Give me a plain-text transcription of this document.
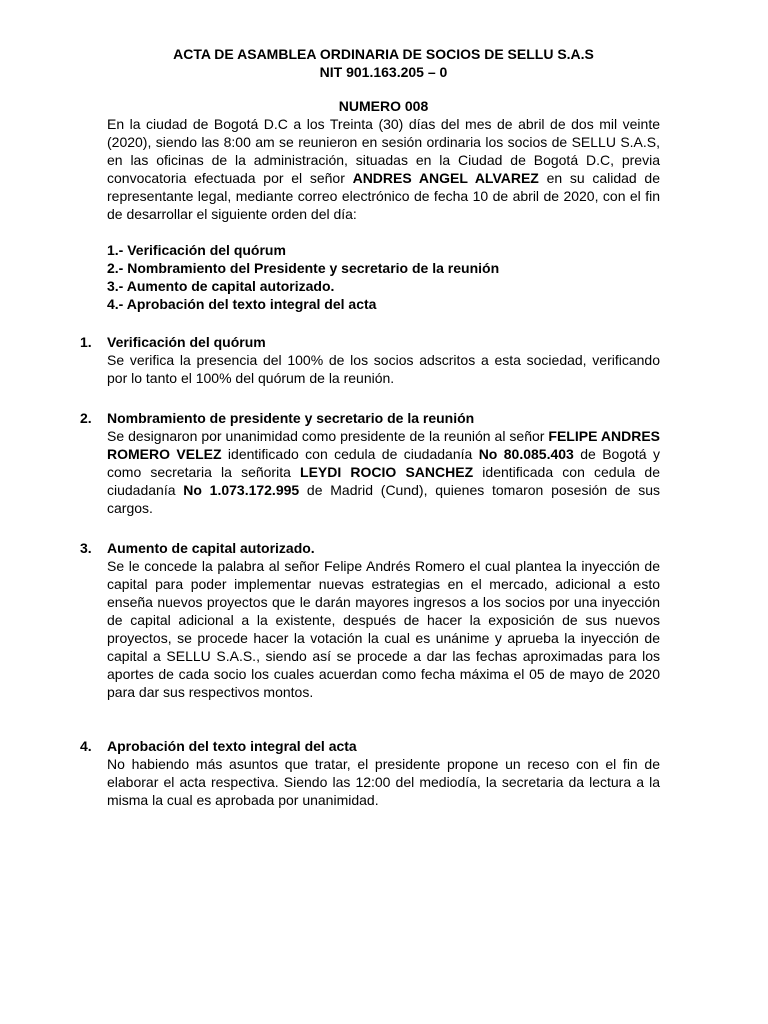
ACTA DE ASAMBLEA ORDINARIA DE SOCIOS DE SELLU S.A.S
NIT 901.163.205 – 0
NUMERO 008

En la ciudad de Bogotá D.C a los Treinta (30) días del mes de abril de dos mil veinte (2020), siendo las 8:00 am se reunieron en sesión ordinaria los socios de SELLU S.A.S, en las oficinas de la administración, situadas en la Ciudad de Bogotá D.C, previa convocatoria efectuada por el señor ANDRES ANGEL ALVAREZ en su calidad de representante legal, mediante correo electrónico de fecha 10 de abril de 2020, con el fin de desarrollar el siguiente orden del día:

1.- Verificación del quórum
2.- Nombramiento del Presidente y secretario de la reunión
3.- Aumento de capital autorizado.
4.- Aprobación del texto integral del acta
1. Verificación del quórum

Se verifica la presencia del 100% de los socios adscritos a esta sociedad, verificando por lo tanto el 100% del quórum de la reunión.

2. Nombramiento de presidente y secretario de la reunión

Se designaron por unanimidad como presidente de la reunión al señor FELIPE ANDRES ROMERO VELEZ identificado con cedula de ciudadanía No 80.085.403 de Bogotá y como secretaria la señorita LEYDI ROCIO SANCHEZ identificada con cedula de ciudadanía No 1.073.172.995 de Madrid (Cund), quienes tomaron posesión de sus cargos.

3. Aumento de capital autorizado.

Se le concede la palabra al señor Felipe Andrés Romero el cual plantea la inyección de capital para poder implementar nuevas estrategias en el mercado, adicional a esto enseña nuevos proyectos que le darán mayores ingresos a los socios por una inyección de capital adicional a la existente, después de hacer la exposición de sus nuevos proyectos, se procede hacer la votación la cual es unánime y aprueba la inyección de capital a SELLU S.A.S., siendo así se procede a dar las fechas aproximadas para los aportes de cada socio los cuales acuerdan como fecha máxima el 05 de mayo de 2020 para dar sus respectivos montos.

4. Aprobación del texto integral del acta

No habiendo más asuntos que tratar, el presidente propone un receso con el fin de elaborar el acta respectiva. Siendo las 12:00 del mediodía, la secretaria da lectura a la misma la cual es aprobada por unanimidad.
